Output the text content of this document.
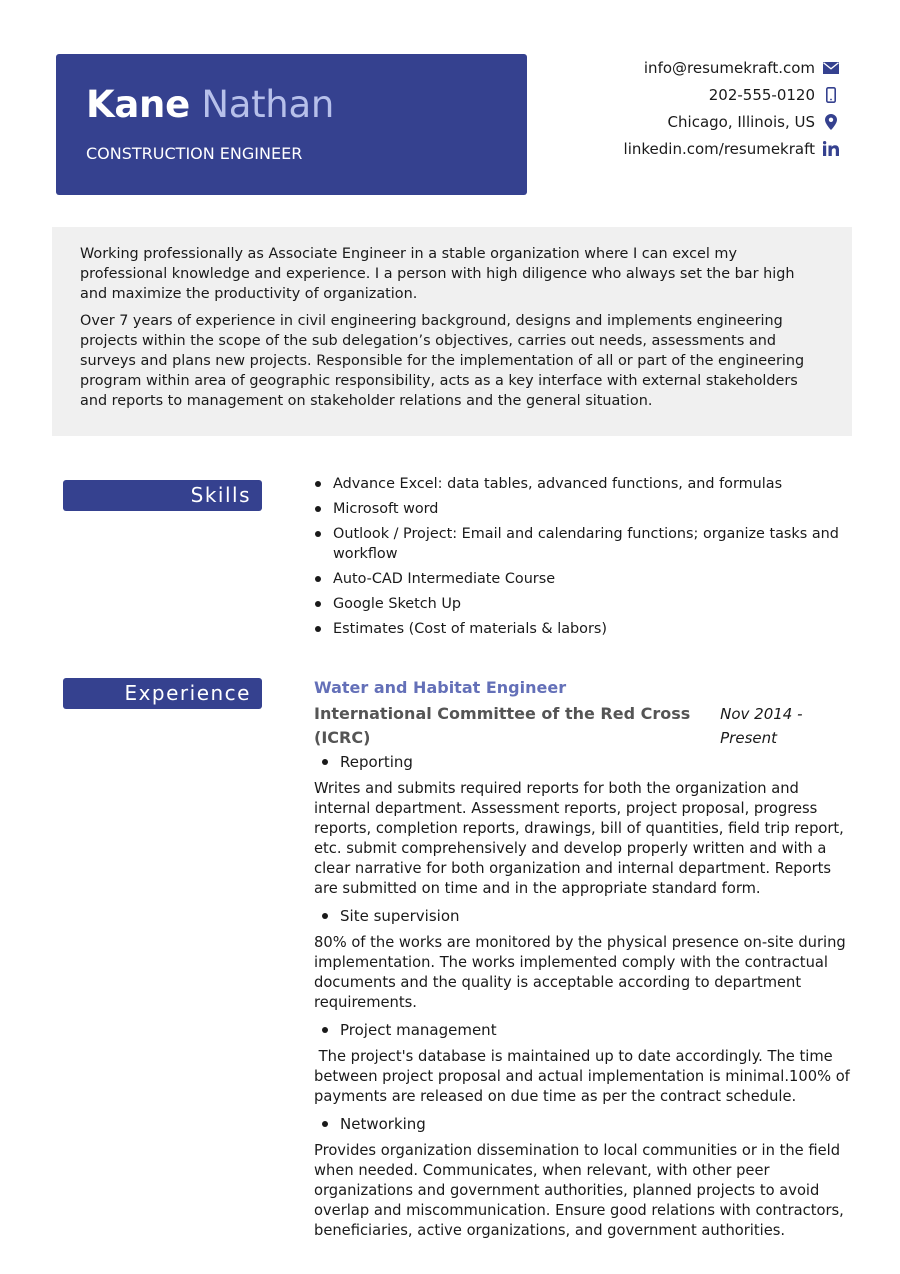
Kane Nathan
CONSTRUCTION ENGINEER
info@resumekraft.com
202-555-0120
Chicago, Illinois, US
linkedin.com/resumekraft

Working professionally as Associate Engineer in a stable organization where I can excel my professional knowledge and experience. I a person with high diligence who always set the bar high and maximize the productivity of organization.

Over 7 years of experience in civil engineering background, designs and implements engineering projects within the scope of the sub delegation’s objectives, carries out needs, assessments and surveys and plans new projects. Responsible for the implementation of all or part of the engineering program within area of geographic responsibility, acts as a key interface with external stakeholders and reports to management on stakeholder relations and the general situation.

Skills	Advance Excel: data tables, advanced functions, and formulas
Microsoft word
Outlook / Project: Email and calendaring functions; organize tasks and workflow
Auto-CAD Intermediate Course
Google Sketch Up
Estimates (Cost of materials & labors)
Experience	Water and Habitat Engineer
International Committee of the Red Cross (ICRC)
Nov 2014 - Present
Reporting
Writes and submits required reports for both the organization and internal department. Assessment reports, project proposal, progress reports, completion reports, drawings, bill of quantities, field trip report, etc. submit comprehensively and develop properly written and with a clear narrative for both organization and internal department. Reports are submitted on time and in the appropriate standard form.
Site supervision
80% of the works are monitored by the physical presence on-site during implementation. The works implemented comply with the contractual documents and the quality is acceptable according to department requirements.
Project management
The project's database is maintained up to date accordingly. The time between project proposal and actual implementation is minimal.100% of payments are released on due time as per the contract schedule.
Networking
Provides organization dissemination to local communities or in the field when needed. Communicates, when relevant, with other peer organizations and government authorities, planned projects to avoid overlap and miscommunication. Ensure good relations with contractors, beneficiaries, active organizations, and government authorities.
